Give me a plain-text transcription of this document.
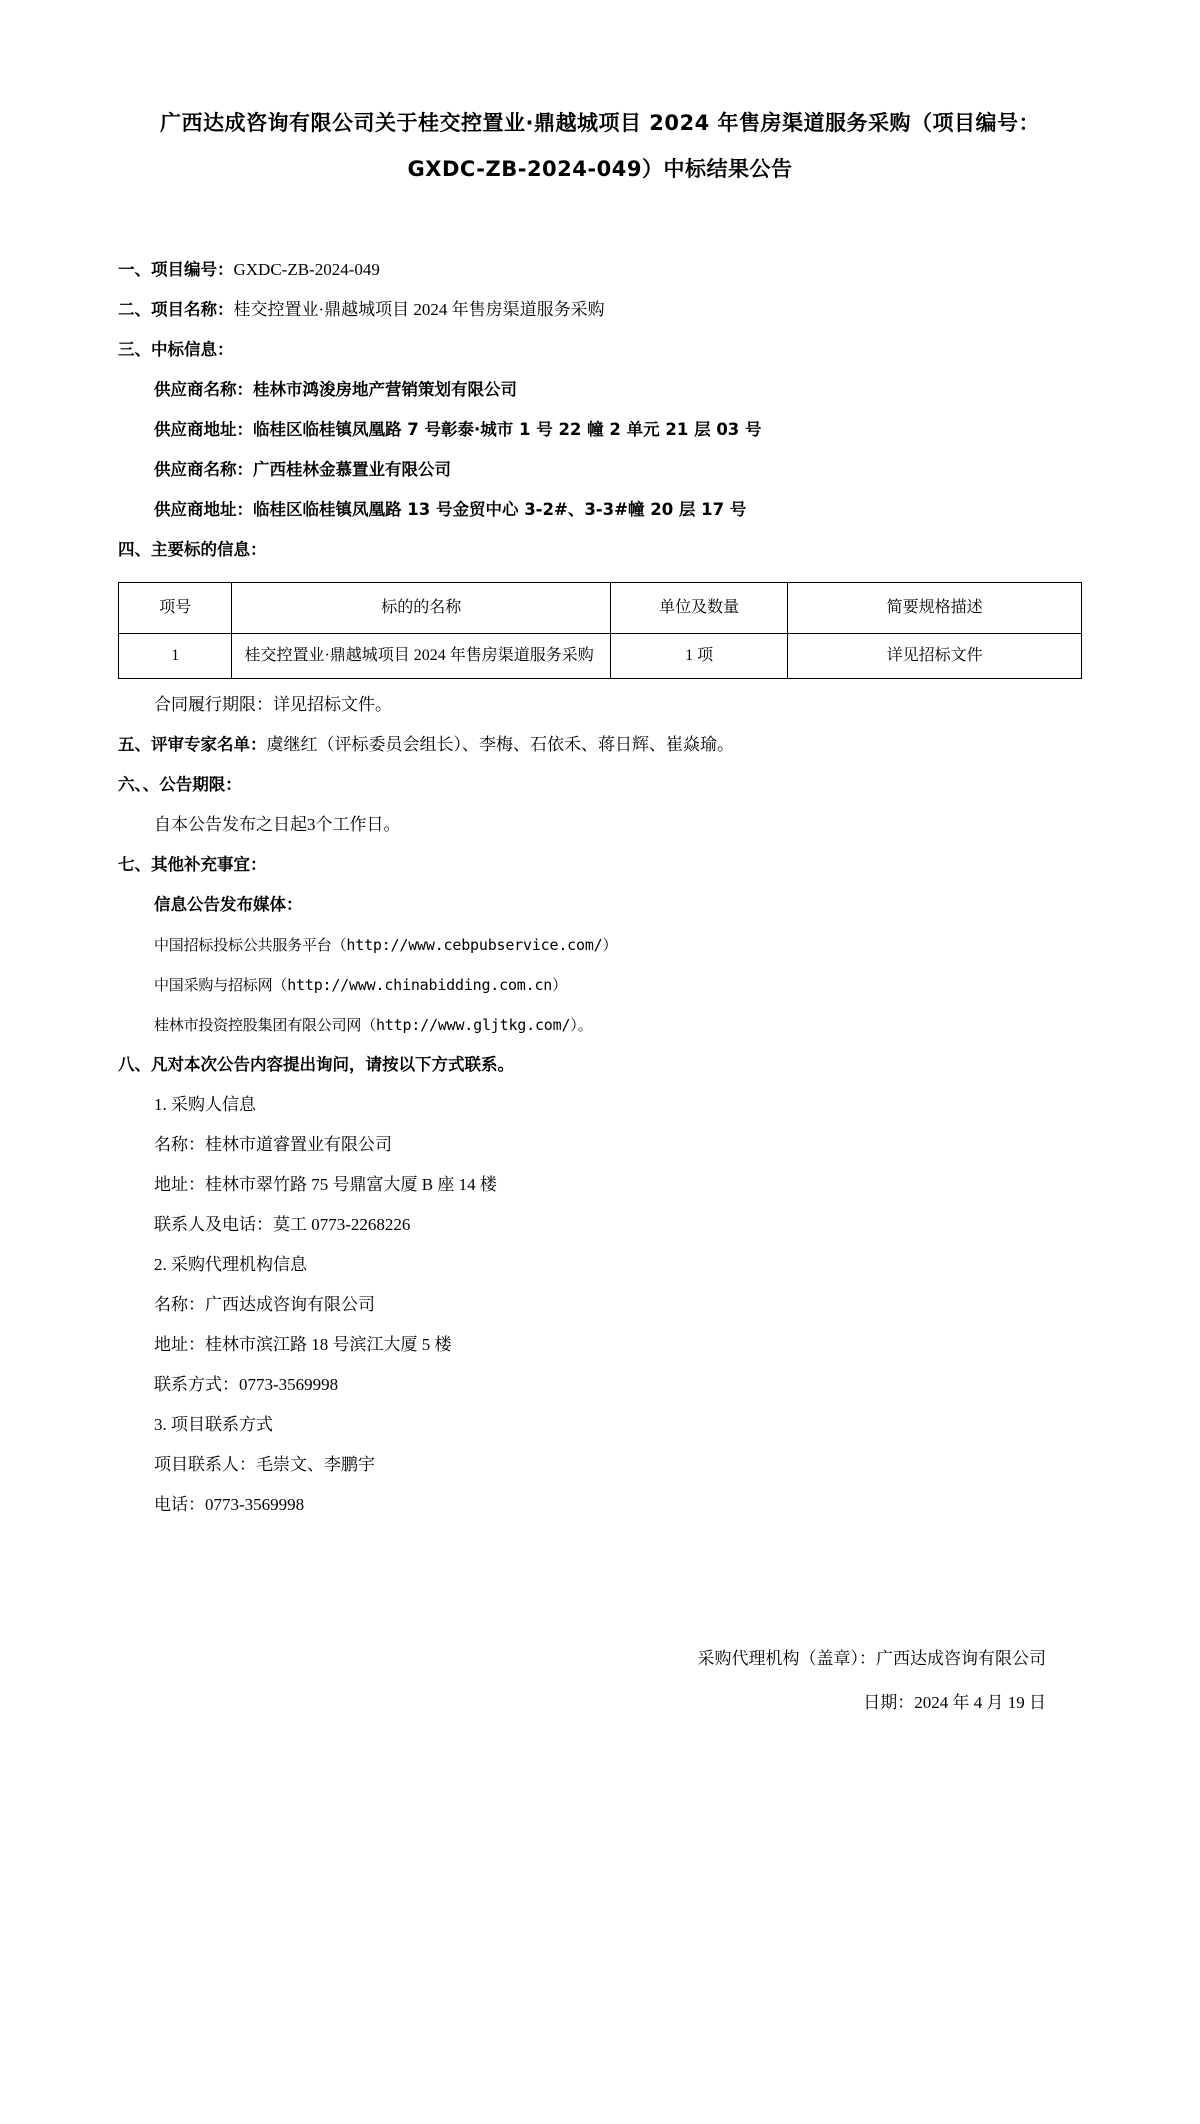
广西达成咨询有限公司关于桂交控置业·鼎越城项目 2024 年售房渠道服务采购（项目编号：GXDC-ZB-2024-049）中标结果公告
一、项目编号：GXDC-ZB-2024-049
二、项目名称：桂交控置业·鼎越城项目 2024 年售房渠道服务采购
三、中标信息：
供应商名称：桂林市鸿浚房地产营销策划有限公司
供应商地址：临桂区临桂镇凤凰路 7 号彰泰·城市 1 号 22 幢 2 单元 21 层 03 号
供应商名称：广西桂林金慕置业有限公司
供应商地址：临桂区临桂镇凤凰路 13 号金贸中心 3-2#、3-3#幢 20 层 17 号
四、主要标的信息：
项号	标的的名称	单位及数量	简要规格描述
1	桂交控置业·鼎越城项目 2024 年售房渠道服务采购	1 项	详见招标文件
合同履行期限：详见招标文件。
五、评审专家名单：虞继红（评标委员会组长）、李梅、石依禾、蒋日辉、崔焱瑜。
六、、公告期限：
自本公告发布之日起3个工作日。
七、其他补充事宜：
信息公告发布媒体：
中国招标投标公共服务平台（http://www.cebpubservice.com/）
中国采购与招标网（http://www.chinabidding.com.cn）
桂林市投资控股集团有限公司网（http://www.gljtkg.com/）。
八、凡对本次公告内容提出询问，请按以下方式联系。
1. 采购人信息
名称：桂林市道睿置业有限公司
地址：桂林市翠竹路 75 号鼎富大厦 B 座 14 楼
联系人及电话：莫工 0773-2268226
2. 采购代理机构信息
名称：广西达成咨询有限公司
地址：桂林市滨江路 18 号滨江大厦 5 楼
联系方式：0773-3569998
3. 项目联系方式
项目联系人：毛崇文、李鹏宇
电话：0773-3569998
采购代理机构（盖章）：广西达成咨询有限公司
日期：2024 年 4 月 19 日
